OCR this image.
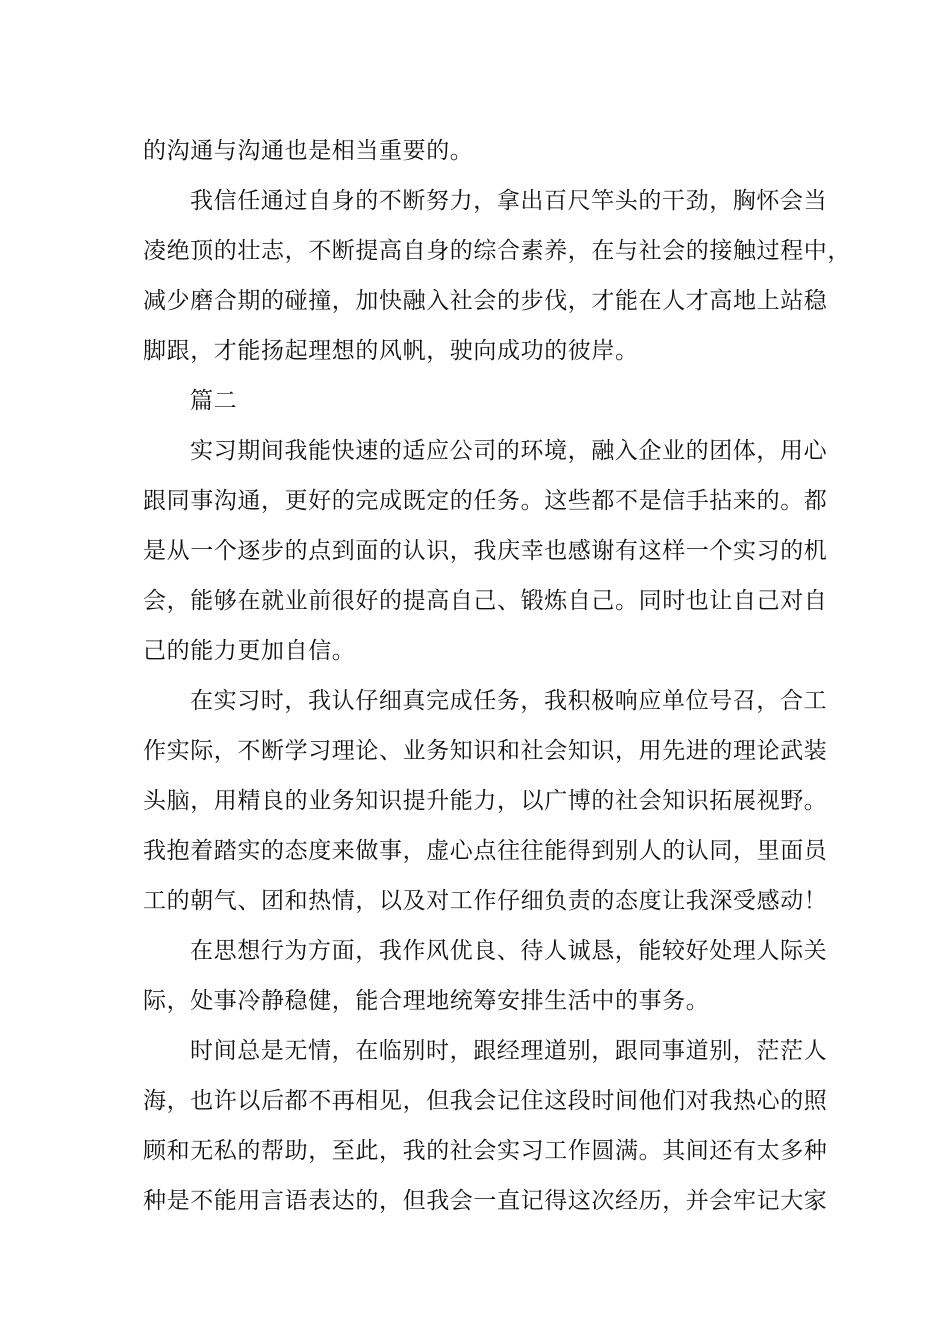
的沟通与沟通也是相当重要的。
我信任通过自身的不断努力，拿出百尺竿头的干劲，胸怀会当
凌绝顶的壮志，不断提高自身的综合素养，在与社会的接触过程中，
减少磨合期的碰撞，加快融入社会的步伐，才能在人才高地上站稳
脚跟，才能扬起理想的风帆，驶向成功的彼岸。
篇二
实习期间我能快速的适应公司的环境，融入企业的团体，用心
跟同事沟通，更好的完成既定的任务。这些都不是信手拈来的。都
是从一个逐步的点到面的认识，我庆幸也感谢有这样一个实习的机
会，能够在就业前很好的提高自己、锻炼自己。同时也让自己对自
己的能力更加自信。
在实习时，我认仔细真完成任务，我积极响应单位号召，合工
作实际，不断学习理论、业务知识和社会知识，用先进的理论武装
头脑，用精良的业务知识提升能力，以广博的社会知识拓展视野。
我抱着踏实的态度来做事，虚心点往往能得到别人的认同，里面员
工的朝气、团和热情，以及对工作仔细负责的态度让我深受感动！
在思想行为方面，我作风优良、待人诚恳，能较好处理人际关
际，处事冷静稳健，能合理地统筹安排生活中的事务。
时间总是无情，在临别时，跟经理道别，跟同事道别，茫茫人
海，也许以后都不再相见，但我会记住这段时间他们对我热心的照
顾和无私的帮助，至此，我的社会实习工作圆满。其间还有太多种
种是不能用言语表达的，但我会一直记得这次经历，并会牢记大家
